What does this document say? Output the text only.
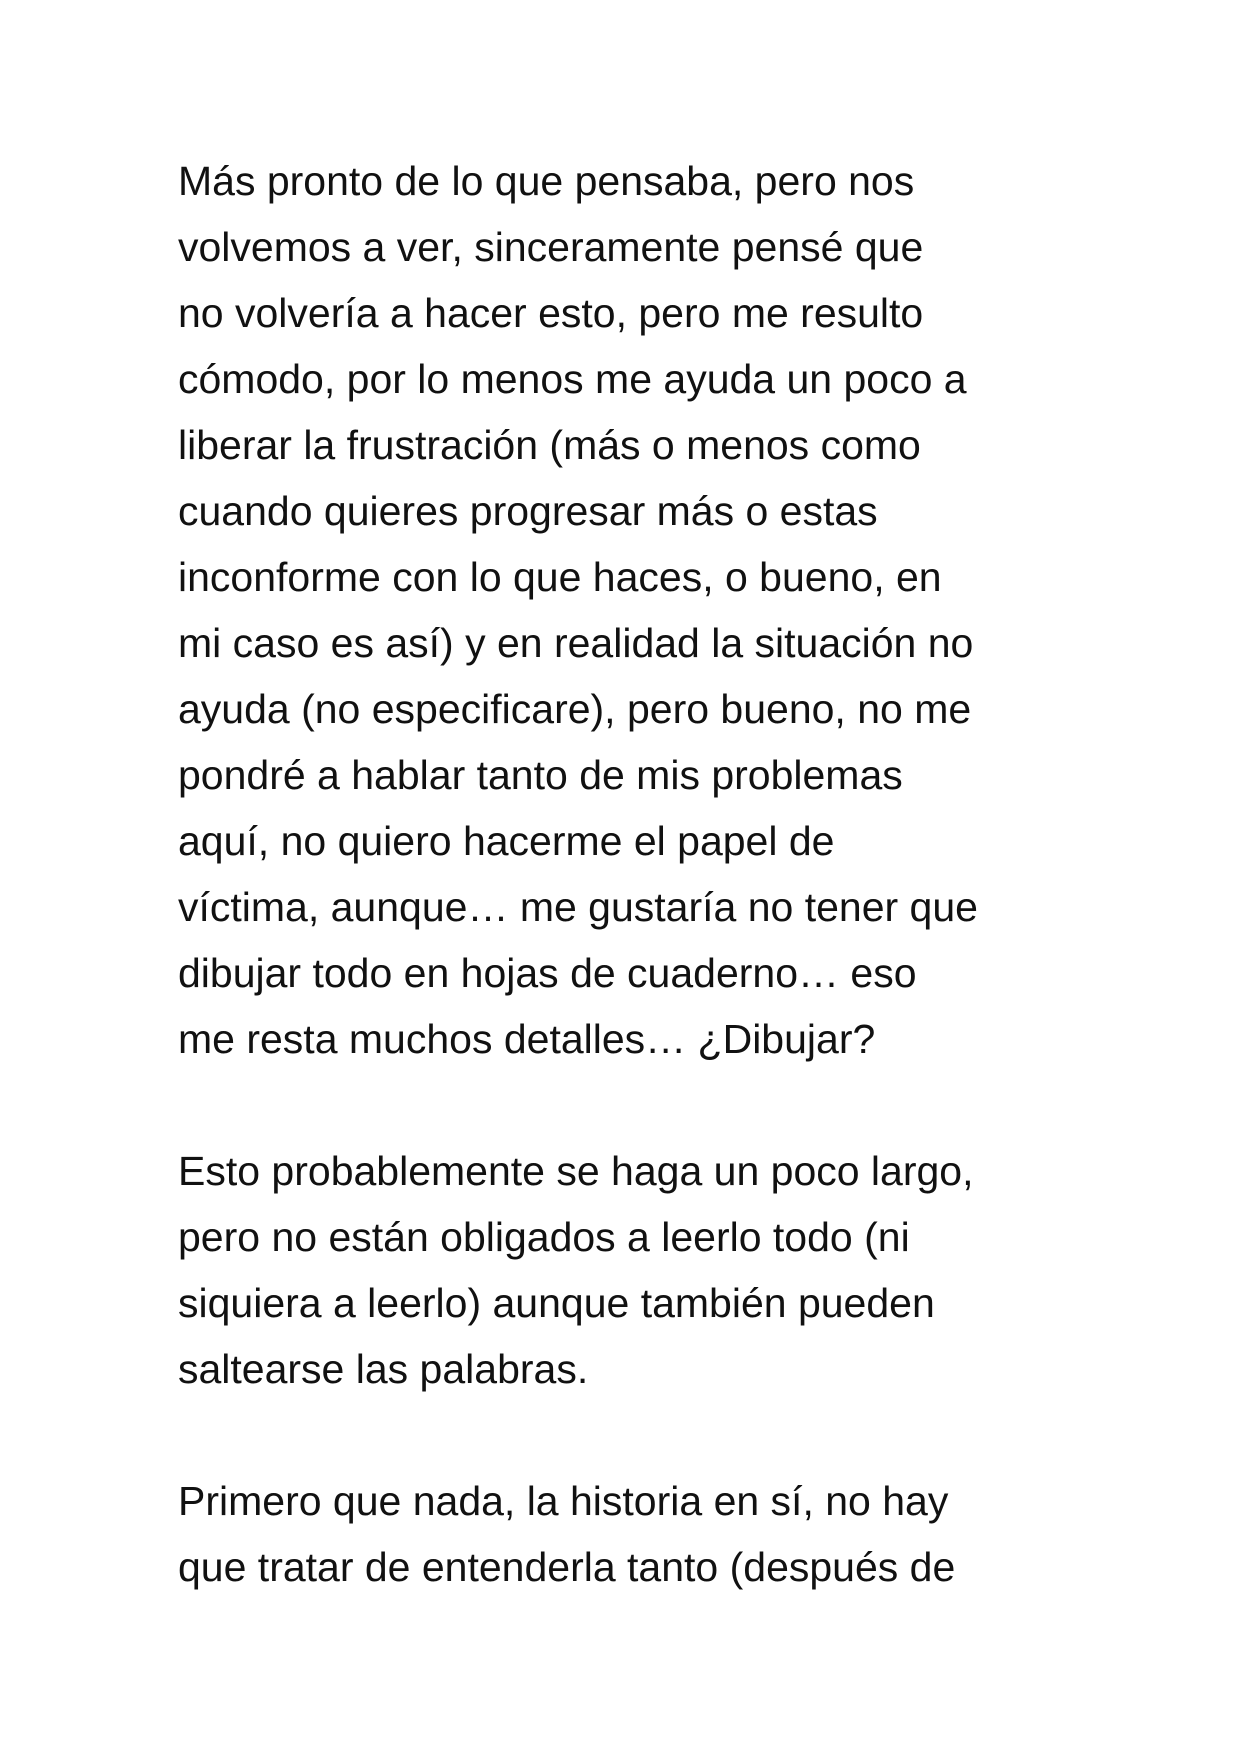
Más pronto de lo que pensaba, pero nos
volvemos a ver, sinceramente pensé que
no volvería a hacer esto, pero me resulto
cómodo, por lo menos me ayuda un poco a
liberar la frustración (más o menos como
cuando quieres progresar más o estas
inconforme con lo que haces, o bueno, en
mi caso es así) y en realidad la situación no
ayuda (no especificare), pero bueno, no me
pondré a hablar tanto de mis problemas
aquí, no quiero hacerme el papel de
víctima, aunque… me gustaría no tener que
dibujar todo en hojas de cuaderno… eso
me resta muchos detalles… ¿Dibujar?
Esto probablemente se haga un poco largo,
pero no están obligados a leerlo todo (ni
siquiera a leerlo) aunque también pueden
saltearse las palabras.
Primero que nada, la historia en sí, no hay
que tratar de entenderla tanto (después de
